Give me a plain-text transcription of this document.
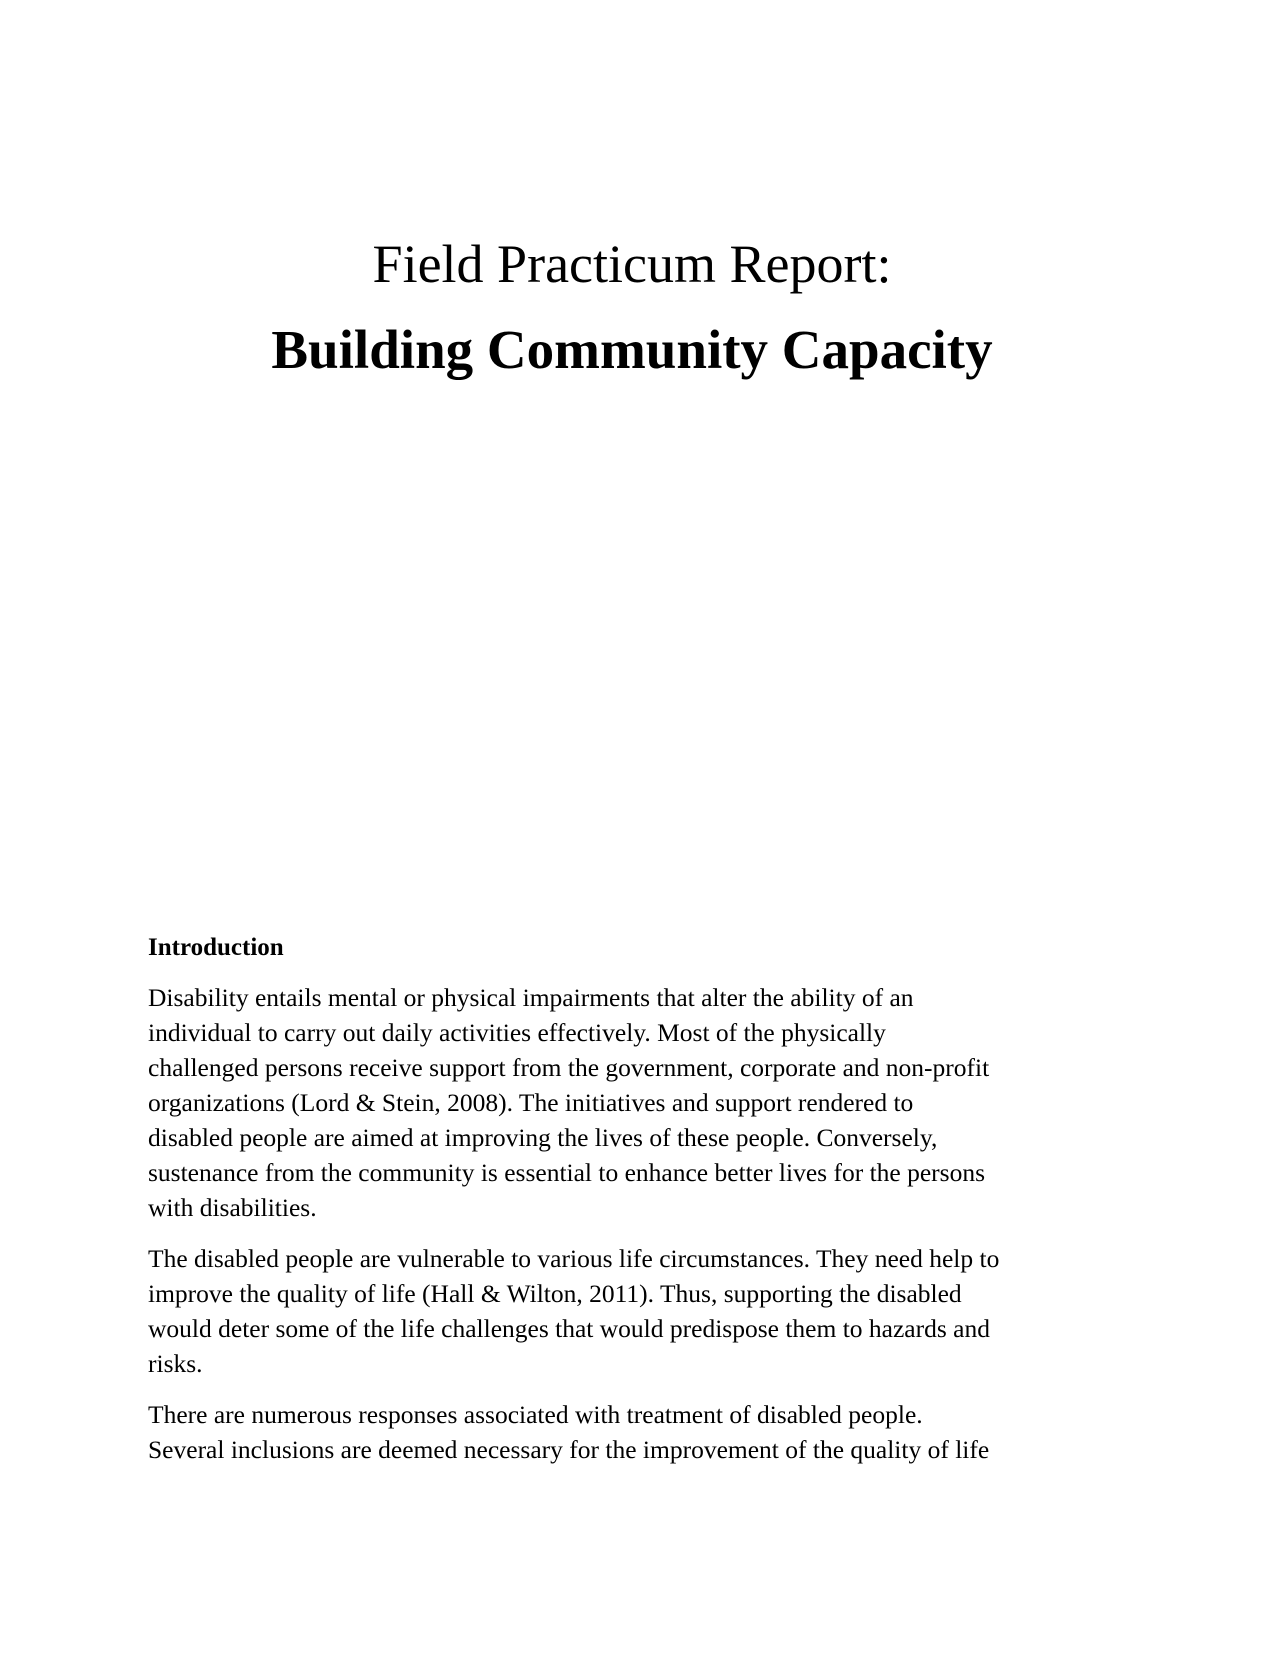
Field Practicum Report:
Building Community Capacity
Introduction

Disability entails mental or physical impairments that alter the ability of an
individual to carry out daily activities effectively. Most of the physically
challenged persons receive support from the government, corporate and non-profit
organizations (Lord & Stein, 2008). The initiatives and support rendered to
disabled people are aimed at improving the lives of these people. Conversely,
sustenance from the community is essential to enhance better lives for the persons
with disabilities.

The disabled people are vulnerable to various life circumstances. They need help to
improve the quality of life (Hall & Wilton, 2011). Thus, supporting the disabled
would deter some of the life challenges that would predispose them to hazards and
risks.

There are numerous responses associated with treatment of disabled people.
Several inclusions are deemed necessary for the improvement of the quality of life
